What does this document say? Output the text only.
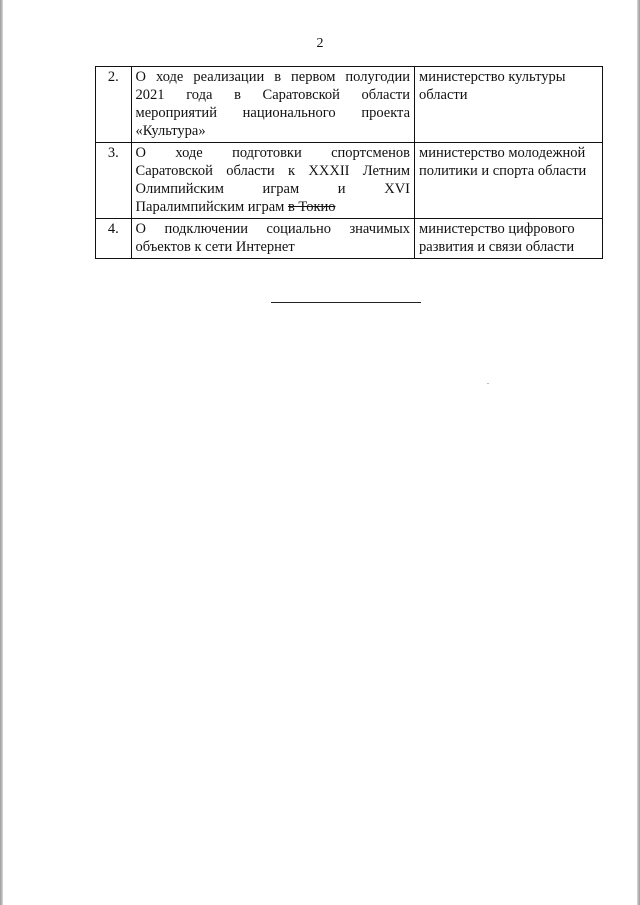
2
2.	О ходе реализации в первом полугодии 2021 года в Саратовской области мероприятий национального проекта «Культура»	министерство культуры области
3.	О ходе подготовки спортсменов Саратовской области к XXXII Летним Олимпийским играм и XVI Паралимпийским играм в Токио	министерство молодежной политики и спорта области
4.	О подключении социально значимых объектов к сети Интернет	министерство цифрового развития и связи области
